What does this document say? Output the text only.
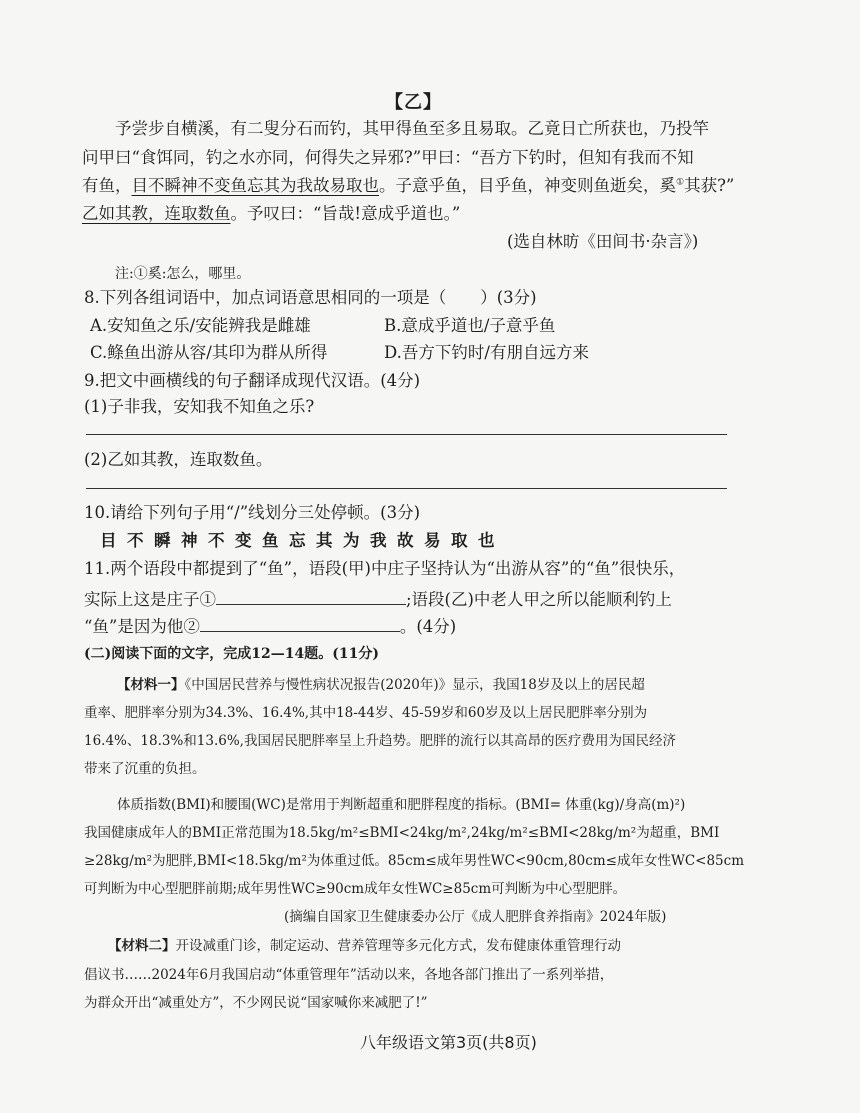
【乙】
予尝步自横溪，有二叟分石而钓，其甲得鱼至多且易取。乙竟日亡所获也，乃投竿
问甲曰“食饵同，钓之水亦同，何得失之异邪?”甲曰：“吾方下钓时，但知有我而不知
有鱼，目不瞬神不变鱼忘其为我故易取也。子意乎鱼，目乎鱼，神变则鱼逝矣，奚①其获?”
乙如其教，连取数鱼。予叹曰：“旨哉!意成乎道也。”
(选自林昉《田间书·杂言》)
注:①奚:怎么，哪里。
8.下列各组词语中，加点词语意思相同的一项是（ ）(3分)
A.安知鱼之乐/安能辨我是雌雄	B.意成乎道也/子意乎鱼
C.鲦鱼出游从容/其印为群从所得	D.吾方下钓时/有朋自远方来
9.把文中画横线的句子翻译成现代汉语。(4分)
(1)子非我，安知我不知鱼之乐?
(2)乙如其教，连取数鱼。
10.请给下列句子用“/”线划分三处停顿。(3分)
目不瞬神不变鱼忘其为我故易取也
11.两个语段中都提到了“鱼”，语段(甲)中庄子坚持认为“出游从容”的“鱼”很快乐，
实际上这是庄子①	;语段(乙)中老人甲之所以能顺利钓上
“鱼”是因为他②	。(4分)
(二)阅读下面的文字，完成12—14题。(11分)
【材料一】《中国居民营养与慢性病状况报告(2020年)》显示，我国18岁及以上的居民超
重率、肥胖率分别为34.3%、16.4%,其中18-44岁、45-59岁和60岁及以上居民肥胖率分别为
16.4%、18.3%和13.6%,我国居民肥胖率呈上升趋势。肥胖的流行以其高昂的医疗费用为国民经济
带来了沉重的负担。
体质指数(BMI)和腰围(WC)是常用于判断超重和肥胖程度的指标。(BMI= 体重(kg)/身高(m)²)
我国健康成年人的BMI正常范围为18.5kg/m²≤BMI<24kg/m²,24kg/m²≤BMI<28kg/m²为超重，BMI
≥28kg/m²为肥胖,BMI<18.5kg/m²为体重过低。85cm≤成年男性WC<90cm,80cm≤成年女性WC<85cm
可判断为中心型肥胖前期;成年男性WC≥90cm成年女性WC≥85cm可判断为中心型肥胖。
(摘编自国家卫生健康委办公厅《成人肥胖食养指南》2024年版)
【材料二】开设减重门诊，制定运动、营养管理等多元化方式，发布健康体重管理行动
倡议书……2024年6月我国启动“体重管理年”活动以来，各地各部门推出了一系列举措，
为群众开出“减重处方”，不少网民说“国家喊你来减肥了!”
八年级语文第3页(共8页)
